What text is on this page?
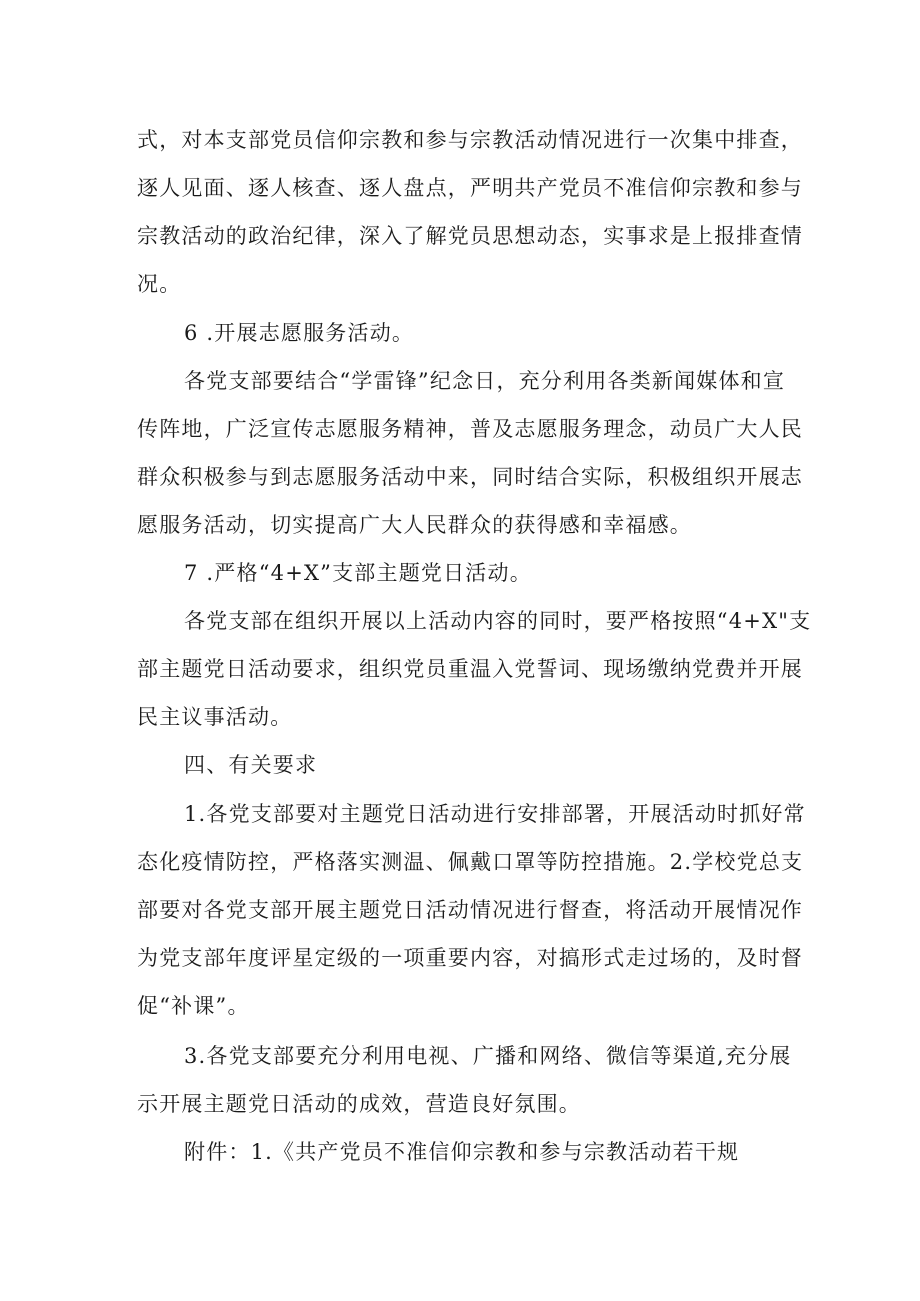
式，对本支部党员信仰宗教和参与宗教活动情况进行一次集中排查，
逐人见面、逐人核查、逐人盘点，严明共产党员不准信仰宗教和参与
宗教活动的政治纪律，深入了解党员思想动态，实事求是上报排查情
况。
6 .开展志愿服务活动。
各党支部要结合“学雷锋”纪念日，充分利用各类新闻媒体和宣
传阵地，广泛宣传志愿服务精神，普及志愿服务理念，动员广大人民
群众积极参与到志愿服务活动中来，同时结合实际，积极组织开展志
愿服务活动，切实提高广大人民群众的获得感和幸福感。
7 .严格“4+X”支部主题党日活动。
各党支部在组织开展以上活动内容的同时，要严格按照“4+X"支
部主题党日活动要求，组织党员重温入党誓词、现场缴纳党费并开展
民主议事活动。
四、有关要求
1.各党支部要对主题党日活动进行安排部署，开展活动时抓好常
态化疫情防控，严格落实测温、佩戴口罩等防控措施。2.学校党总支
部要对各党支部开展主题党日活动情况进行督查，将活动开展情况作
为党支部年度评星定级的一项重要内容，对搞形式走过场的，及时督
促“补课”。
3.各党支部要充分利用电视、广播和网络、微信等渠道,充分展
示开展主题党日活动的成效，营造良好氛围。
附件：1.《共产党员不准信仰宗教和参与宗教活动若干规
